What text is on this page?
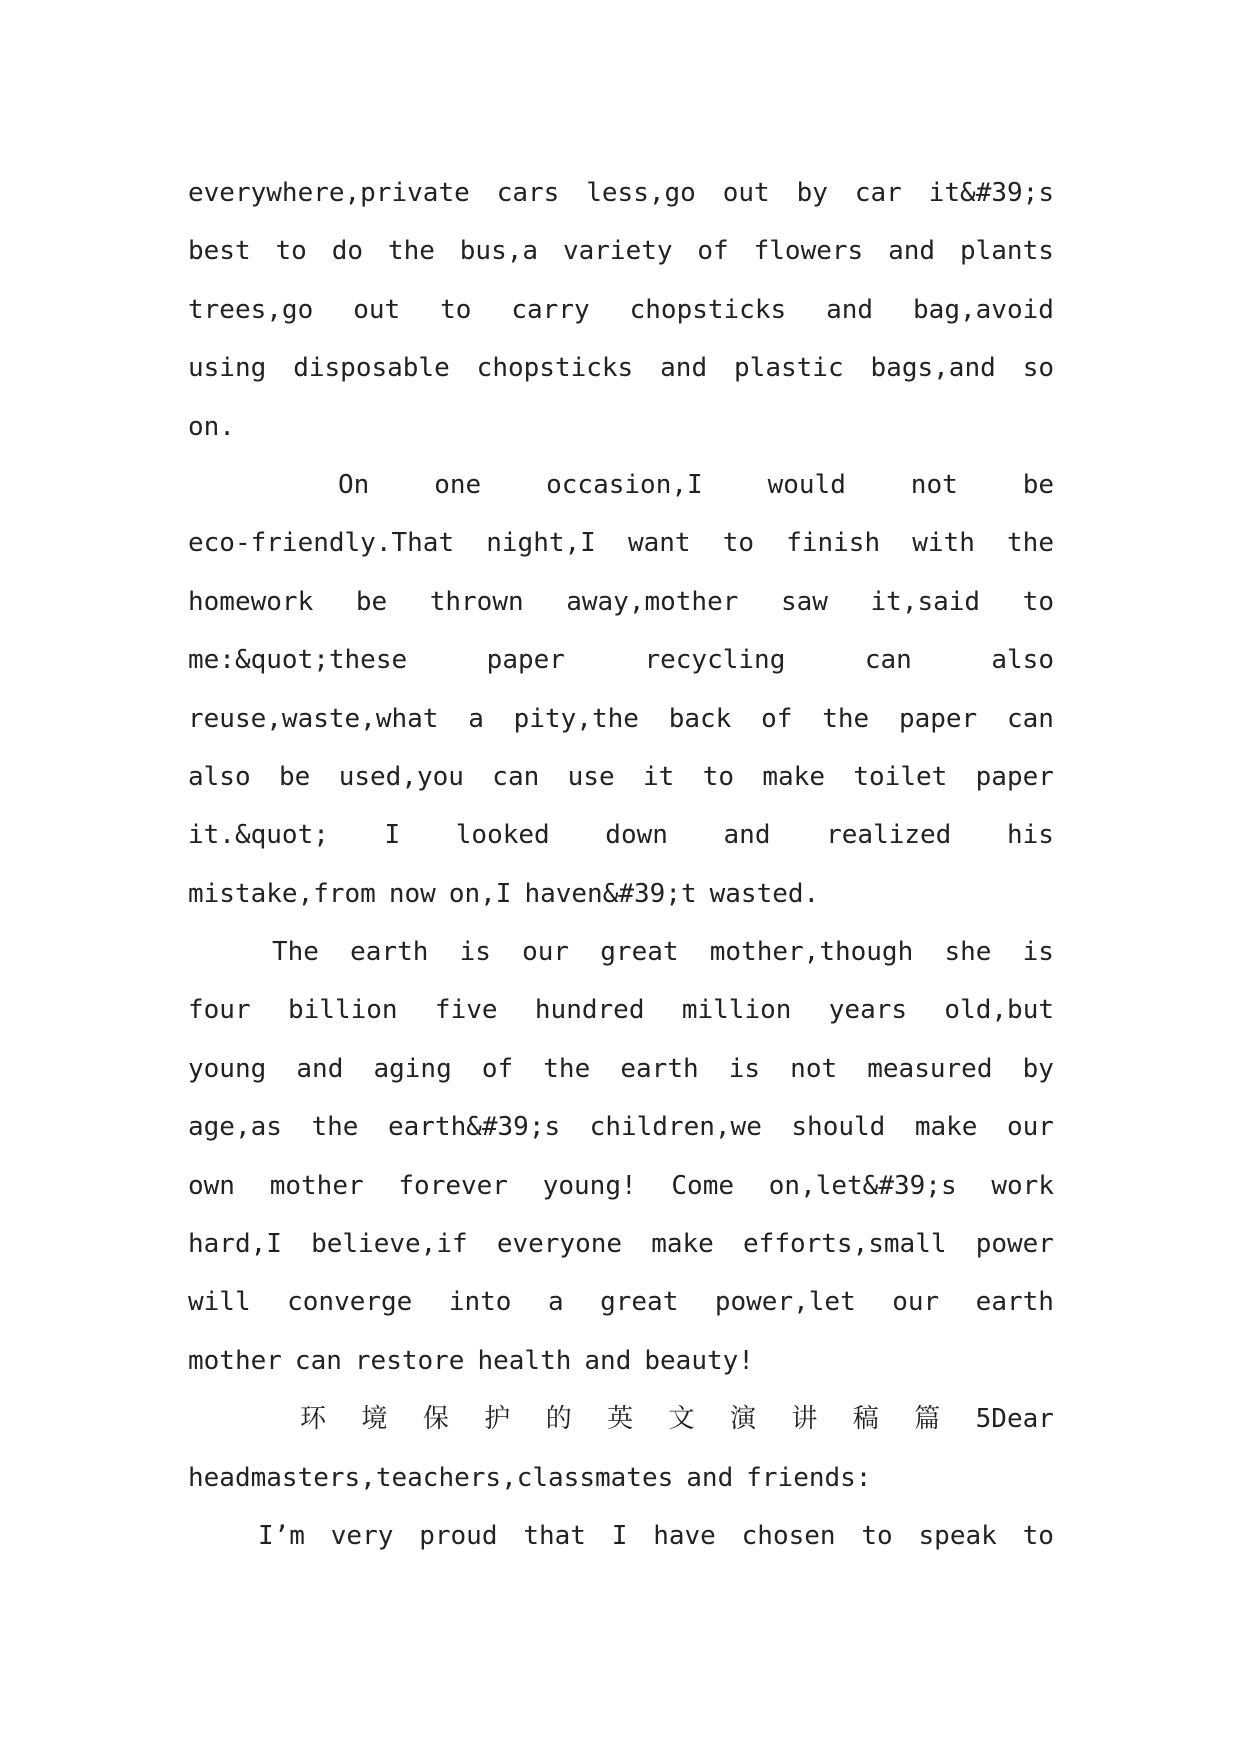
everywhere,private cars less,go out by car it&#39;s
best to do the bus,a variety of flowers and plants
trees,go out to carry chopsticks and bag,avoid
using disposable chopsticks and plastic bags,and so
on.
On one occasion,I would not be
eco-friendly.That night,I want to finish with the
homework be thrown away,mother saw it,said to
me:&quot;these	paper	recycling	can	also
reuse,waste,what a pity,the back of the paper can
also be used,you can use it to make toilet paper
it.&quot; I looked down and realized his
mistake,from now on,I haven&#39;t wasted.
The earth is our great mother,though she is
four billion five hundred million years old,but
young and aging of the earth is not measured by
age,as the earth&#39;s children,we should make our
own mother forever young! Come on,let&#39;s work
hard,I believe,if everyone make efforts,small power
will converge into a great power,let our earth
mother can restore health and beauty!
环 境 保 护 的 英 文 演 讲 稿 篇 5Dear
headmasters,teachers,classmates and friends:
I’m very proud that I have chosen to speak to
